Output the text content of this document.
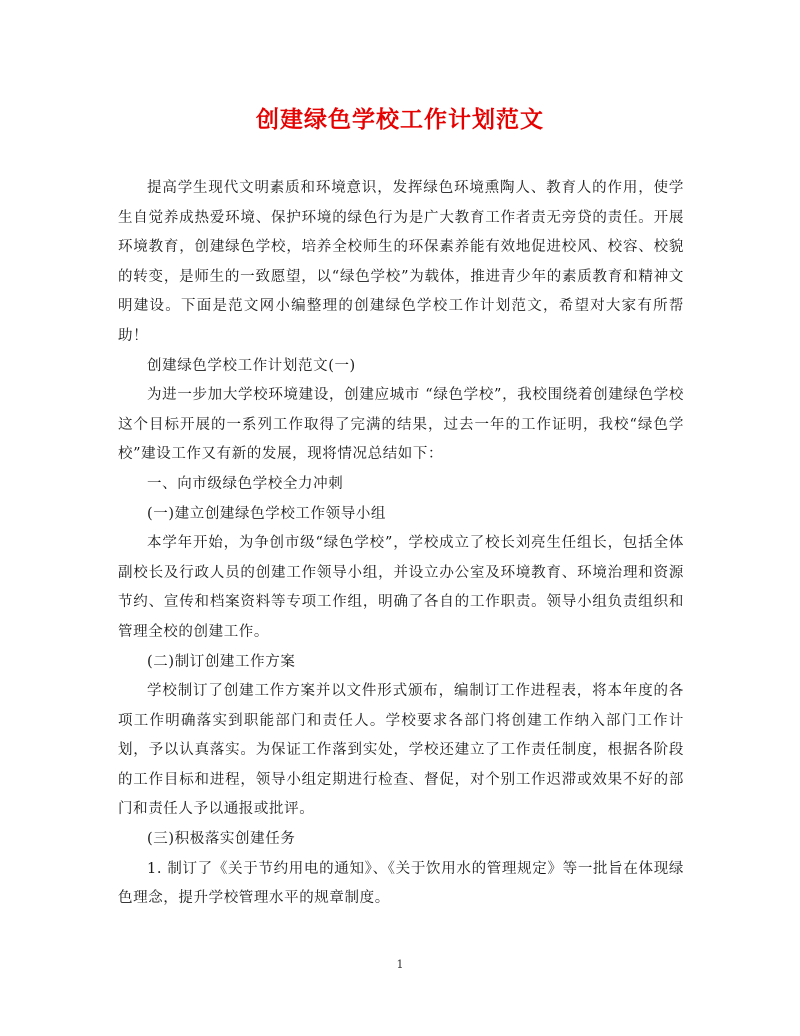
创建绿色学校工作计划范文

提高学生现代文明素质和环境意识，发挥绿色环境熏陶人、教育人的作用，使学生自觉养成热爱环境、保护环境的绿色行为是广大教育工作者责无旁贷的责任。开展环境教育，创建绿色学校，培养全校师生的环保素养能有效地促进校风、校容、校貌的转变，是师生的一致愿望，以“绿色学校”为载体，推进青少年的素质教育和精神文明建设。下面是范文网小编整理的创建绿色学校工作计划范文，希望对大家有所帮助！

创建绿色学校工作计划范文(一)

为进一步加大学校环境建设，创建应城市 “绿色学校”，我校围绕着创建绿色学校这个目标开展的一系列工作取得了完满的结果，过去一年的工作证明，我校“绿色学校”建设工作又有新的发展，现将情况总结如下：

一、向市级绿色学校全力冲刺

(一)建立创建绿色学校工作领导小组

本学年开始，为争创市级“绿色学校”，学校成立了校长刘亮生任组长，包括全体副校长及行政人员的创建工作领导小组，并设立办公室及环境教育、环境治理和资源节约、宣传和档案资料等专项工作组，明确了各自的工作职责。领导小组负责组织和管理全校的创建工作。

(二)制订创建工作方案

学校制订了创建工作方案并以文件形式颁布，编制订工作进程表，将本年度的各项工作明确落实到职能部门和责任人。学校要求各部门将创建工作纳入部门工作计划，予以认真落实。为保证工作落到实处，学校还建立了工作责任制度，根据各阶段的工作目标和进程，领导小组定期进行检查、督促，对个别工作迟滞或效果不好的部门和责任人予以通报或批评。

(三)积极落实创建任务

1. 制订了《关于节约用电的通知》、《关于饮用水的管理规定》等一批旨在体现绿色理念，提升学校管理水平的规章制度。

1
